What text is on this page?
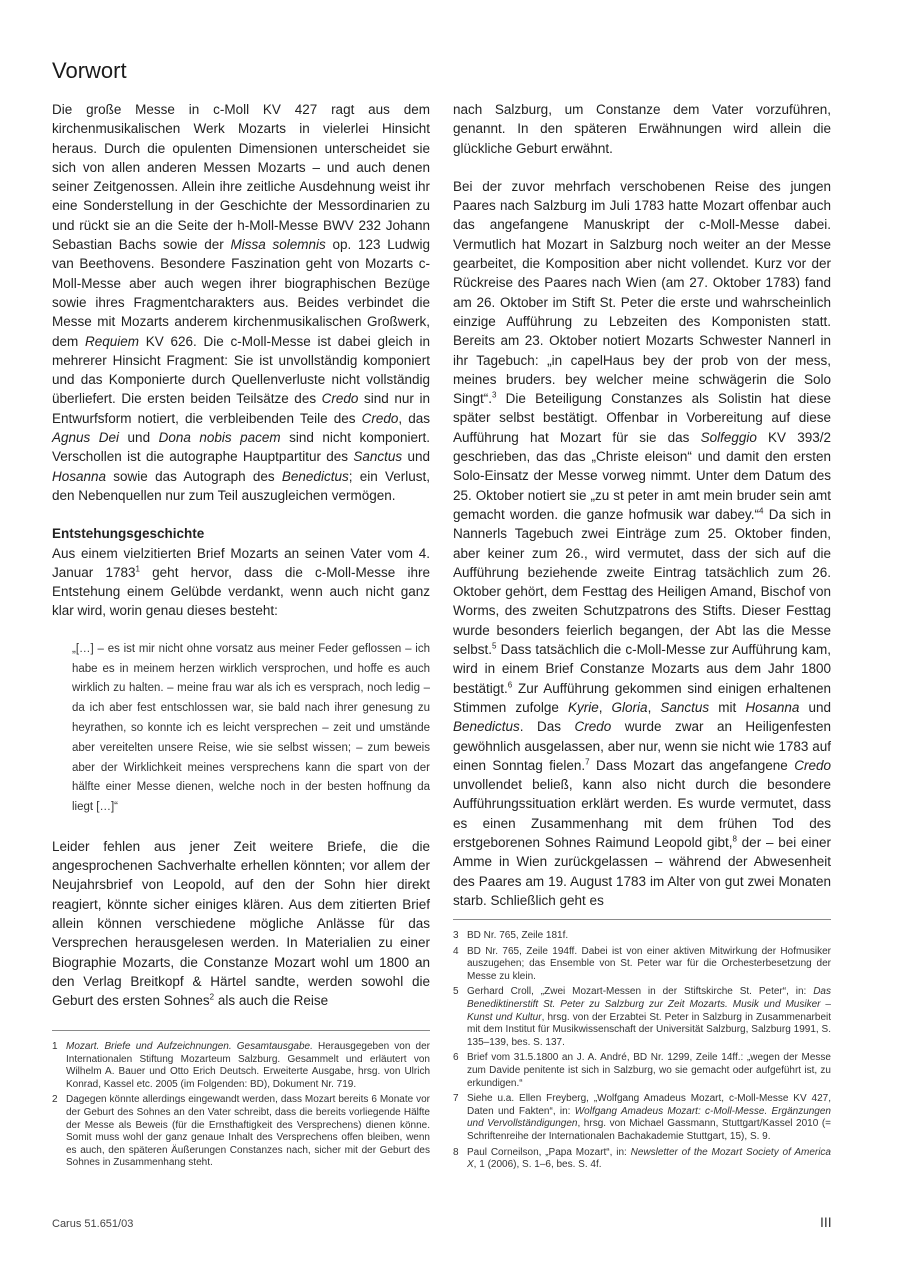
Vorwort

Die große Messe in c-Moll KV 427 ragt aus dem kirchenmusikalischen Werk Mozarts in vielerlei Hinsicht heraus. Durch die opulenten Dimensionen unterscheidet sie sich von allen anderen Messen Mozarts – und auch denen seiner Zeitgenossen. Allein ihre zeitliche Ausdehnung weist ihr eine Sonderstellung in der Geschichte der Messordinarien zu und rückt sie an die Seite der h-Moll-Messe BWV 232 Johann Sebastian Bachs sowie der Missa solemnis op. 123 Ludwig van Beethovens. Besondere Faszination geht von Mozarts c-Moll-Messe aber auch wegen ihrer biographischen Bezüge sowie ihres Fragmentcharakters aus. Beides verbindet die Messe mit Mozarts anderem kirchenmusikalischen Großwerk, dem Requiem KV 626. Die c-Moll-Messe ist dabei gleich in mehrerer Hinsicht Fragment: Sie ist unvollständig komponiert und das Komponierte durch Quellenverluste nicht vollständig überliefert. Die ersten beiden Teilsätze des Credo sind nur in Entwurfsform notiert, die verbleibenden Teile des Credo, das Agnus Dei und Dona nobis pacem sind nicht komponiert. Verschollen ist die autographe Hauptpartitur des Sanctus und Hosanna sowie das Autograph des Benedictus; ein Verlust, den Nebenquellen nur zum Teil auszugleichen vermögen.

Entstehungsgeschichte

Aus einem vielzitierten Brief Mozarts an seinen Vater vom 4. Januar 1783$^1$ geht hervor, dass die c-Moll-Messe ihre Entstehung einem Gelübde verdankt, wenn auch nicht ganz klar wird, worin genau dieses besteht:

„[…] – es ist mir nicht ohne vorsatz aus meiner Feder geflossen – ich habe es in meinem herzen wirklich versprochen, und hoffe es auch wirklich zu halten. – meine frau war als ich es versprach, noch ledig – da ich aber fest entschlossen war, sie bald nach ihrer genesung zu heyrathen, so konnte ich es leicht versprechen – zeit und umstände aber vereitelten unsere Reise, wie sie selbst wissen; – zum beweis aber der Wirklichkeit meines versprechens kann die spart von der hälfte einer Messe dienen, welche noch in der besten hoffnung da liegt […]“

Leider fehlen aus jener Zeit weitere Briefe, die die angesprochenen Sachverhalte erhellen könnten; vor allem der Neujahrsbrief von Leopold, auf den der Sohn hier direkt reagiert, könnte sicher einiges klären. Aus dem zitierten Brief allein können verschiedene mögliche Anlässe für das Versprechen herausgelesen werden. In Materialien zu einer Biographie Mozarts, die Constanze Mozart wohl um 1800 an den Verlag Breitkopf & Härtel sandte, werden sowohl die Geburt des ersten Sohnes$^2$ als auch die Reise

nach Salzburg, um Constanze dem Vater vorzuführen, genannt. In den späteren Erwähnungen wird allein die glückliche Geburt erwähnt.

Bei der zuvor mehrfach verschobenen Reise des jungen Paares nach Salzburg im Juli 1783 hatte Mozart offenbar auch das angefangene Manuskript der c-Moll-Messe dabei. Vermutlich hat Mozart in Salzburg noch weiter an der Messe gearbeitet, die Komposition aber nicht vollendet. Kurz vor der Rückreise des Paares nach Wien (am 27. Oktober 1783) fand am 26. Oktober im Stift St. Peter die erste und wahrscheinlich einzige Aufführung zu Lebzeiten des Komponisten statt. Bereits am 23. Oktober notiert Mozarts Schwester Nannerl in ihr Tagebuch: „in capelHaus bey der prob von der mess, meines bruders. bey welcher meine schwägerin die Solo Singt“.$^3$ Die Beteiligung Constanzes als Solistin hat diese später selbst bestätigt. Offenbar in Vorbereitung auf diese Aufführung hat Mozart für sie das Solfeggio KV 393/2 geschrieben, das das „Christe eleison“ und damit den ersten Solo-Einsatz der Messe vorweg nimmt. Unter dem Datum des 25. Oktober notiert sie „zu st peter in amt mein bruder sein amt gemacht worden. die ganze hofmusik war dabey.“$^4$ Da sich in Nannerls Tagebuch zwei Einträge zum 25. Oktober finden, aber keiner zum 26., wird vermutet, dass der sich auf die Aufführung beziehende zweite Eintrag tatsächlich zum 26. Oktober gehört, dem Festtag des Heiligen Amand, Bischof von Worms, des zweiten Schutzpatrons des Stifts. Dieser Festtag wurde besonders feierlich begangen, der Abt las die Messe selbst.$^5$ Dass tatsächlich die c-Moll-Messe zur Aufführung kam, wird in einem Brief Constanze Mozarts aus dem Jahr 1800 bestätigt.$^6$ Zur Aufführung gekommen sind einigen erhaltenen Stimmen zufolge Kyrie, Gloria, Sanctus mit Hosanna und Benedictus. Das Credo wurde zwar an Heiligenfesten gewöhnlich ausgelassen, aber nur, wenn sie nicht wie 1783 auf einen Sonntag fielen.$^7$ Dass Mozart das angefangene Credo unvollendet beließ, kann also nicht durch die besondere Aufführungssituation erklärt werden. Es wurde vermutet, dass es einen Zusammenhang mit dem frühen Tod des erstgeborenen Sohnes Raimund Leopold gibt,$^8$ der – bei einer Amme in Wien zurückgelassen – während der Abwesenheit des Paares am 19. August 1783 im Alter von gut zwei Monaten starb. Schließlich geht es

1 Mozart. Briefe und Aufzeichnungen. Gesamtausgabe. Herausgegeben von der Internationalen Stiftung Mozarteum Salzburg. Gesammelt und erläutert von Wilhelm A. Bauer und Otto Erich Deutsch. Erweiterte Ausgabe, hrsg. von Ulrich Konrad, Kassel etc. 2005 (im Folgenden: BD), Dokument Nr. 719.
2 Dagegen könnte allerdings eingewandt werden, dass Mozart bereits 6 Monate vor der Geburt des Sohnes an den Vater schreibt, dass die bereits vorliegende Hälfte der Messe als Beweis (für die Ernsthaftigkeit des Versprechens) dienen könne. Somit muss wohl der ganz genaue Inhalt des Versprechens offen bleiben, wenn es auch, den späteren Äußerungen Constanzes nach, sicher mit der Geburt des Sohnes in Zusammenhang steht.
3 BD Nr. 765, Zeile 181f.
4 BD Nr. 765, Zeile 194ff. Dabei ist von einer aktiven Mitwirkung der Hofmusiker auszugehen; das Ensemble von St. Peter war für die Orchesterbesetzung der Messe zu klein.
5 Gerhard Croll, „Zwei Mozart-Messen in der Stiftskirche St. Peter“, in: Das Benediktinerstift St. Peter zu Salzburg zur Zeit Mozarts. Musik und Musiker – Kunst und Kultur, hrsg. von der Erzabtei St. Peter in Salzburg in Zusammenarbeit mit dem Institut für Musikwissenschaft der Universität Salzburg, Salzburg 1991, S. 135–139, bes. S. 137.
6 Brief vom 31.5.1800 an J. A. André, BD Nr. 1299, Zeile 14ff.: „wegen der Messe zum Davide penitente ist sich in Salzburg, wo sie gemacht oder aufgeführt ist, zu erkundigen.“
7 Siehe u.a. Ellen Freyberg, „Wolfgang Amadeus Mozart, c-Moll-Messe KV 427, Daten und Fakten“, in: Wolfgang Amadeus Mozart: c-Moll-Messe. Ergänzungen und Vervollständigungen, hrsg. von Michael Gassmann, Stuttgart/Kassel 2010 (= Schriftenreihe der Internationalen Bachakademie Stuttgart, 15), S. 9.
8 Paul Corneilson, „Papa Mozart“, in: Newsletter of the Mozart Society of America X, 1 (2006), S. 1–6, bes. S. 4f.
Carus 51.651/03	III
